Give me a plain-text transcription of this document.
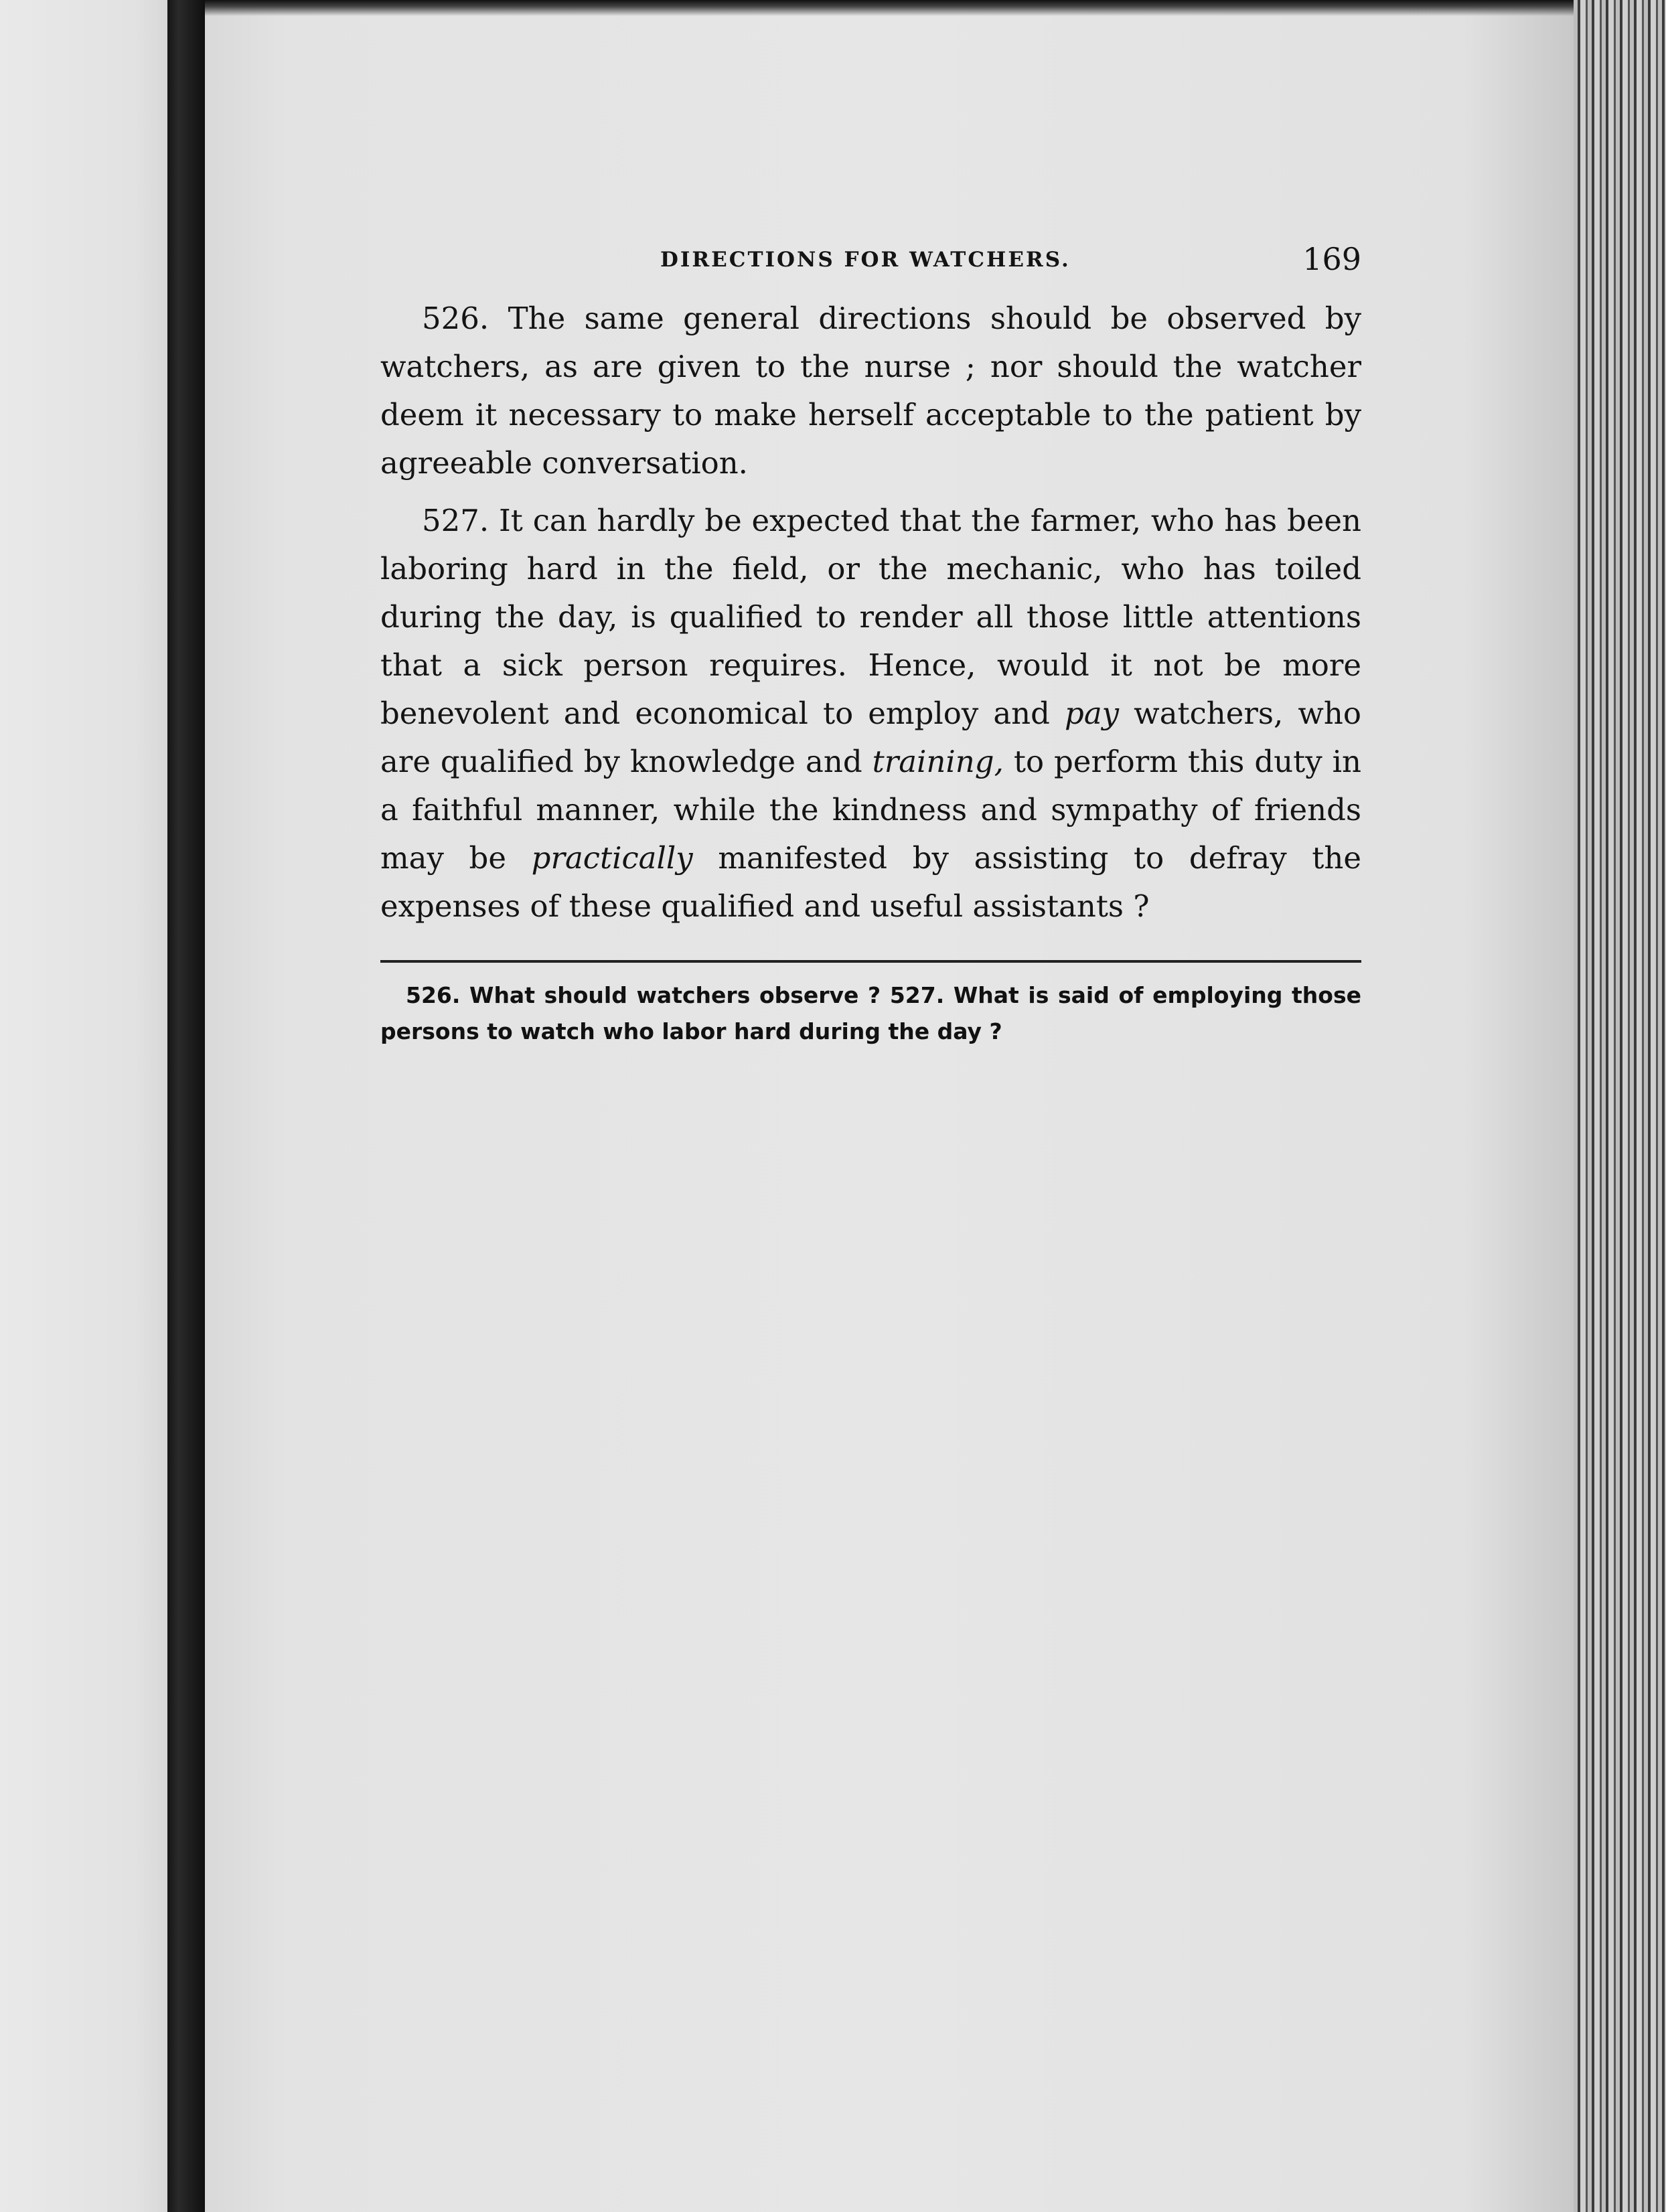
DIRECTIONS FOR WATCHERS.	169

526. The same general directions should be observed by watchers, as are given to the nurse ; nor should the watcher deem it necessary to make herself acceptable to the patient by agreeable conversation.

527. It can hardly be expected that the farmer, who has been laboring hard in the field, or the mechanic, who has toiled during the day, is qualified to render all those little attentions that a sick person requires. Hence, would it not be more benevolent and economical to employ and pay watchers, who are qualified by knowledge and training, to perform this duty in a faithful manner, while the kindness and sympathy of friends may be practically manifested by assisting to defray the expenses of these qualified and useful assistants ?

526. What should watchers observe ? 527. What is said of employing those persons to watch who labor hard during the day ?
